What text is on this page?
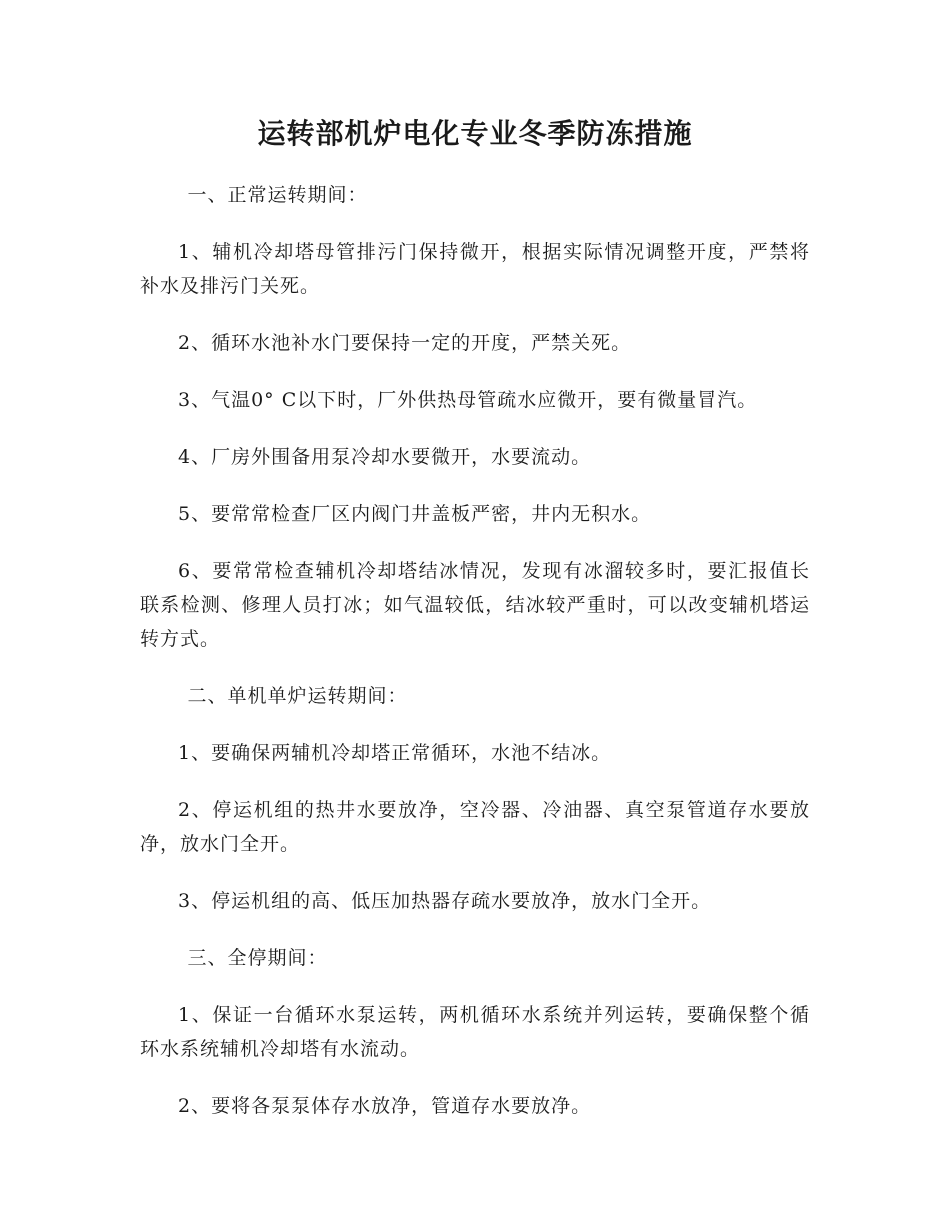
运转部机炉电化专业冬季防冻措施

一、正常运转期间：

1、辅机冷却塔母管排污门保持微开，根据实际情况调整开度，严禁将补水及排污门关死。

2、循环水池补水门要保持一定的开度，严禁关死。

3、气温0° C以下时，厂外供热母管疏水应微开，要有微量冒汽。

4、厂房外围备用泵冷却水要微开，水要流动。

5、要常常检查厂区内阀门井盖板严密，井内无积水。

6、要常常检查辅机冷却塔结冰情况，发现有冰溜较多时，要汇报值长联系检测、修理人员打冰；如气温较低，结冰较严重时，可以改变辅机塔运转方式。

二、单机单炉运转期间：

1、要确保两辅机冷却塔正常循环，水池不结冰。

2、停运机组的热井水要放净，空冷器、冷油器、真空泵管道存水要放净，放水门全开。

3、停运机组的高、低压加热器存疏水要放净，放水门全开。

三、全停期间：

1、保证一台循环水泵运转，两机循环水系统并列运转，要确保整个循环水系统辅机冷却塔有水流动。

2、要将各泵泵体存水放净，管道存水要放净。
